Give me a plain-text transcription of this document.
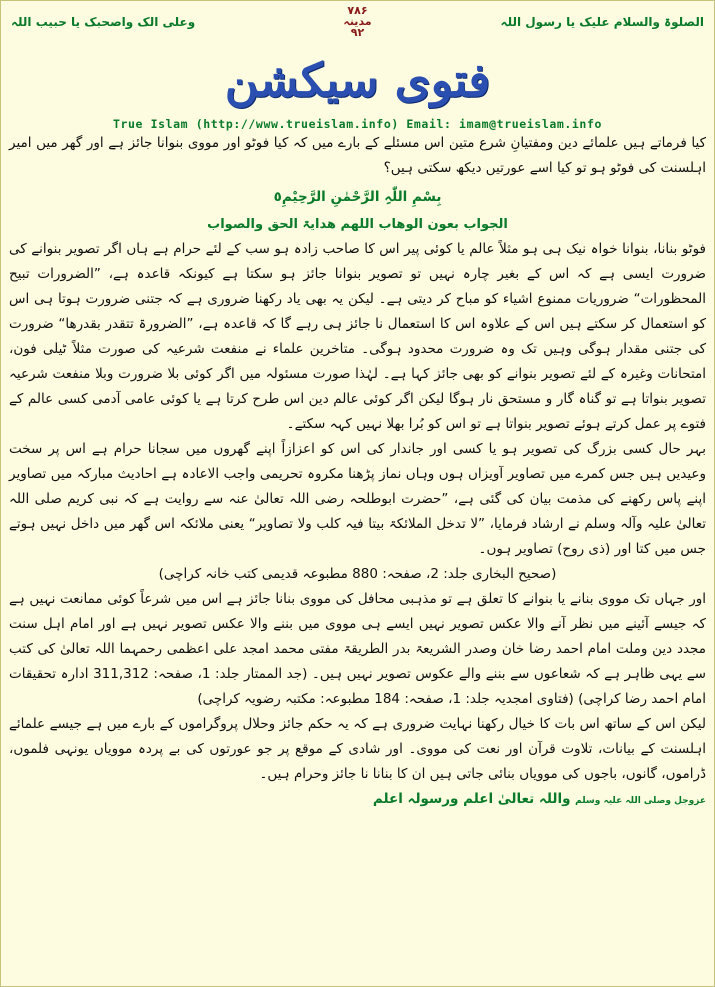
الصلوۃ والسلام علیک یا رسول اللہ
۷۸۶
مدینہ
۹۲
وعلی الک واصحبک یا حبیب اللہ
فتوی سیکشن
True Islam (http://www.trueislam.info) Email: imam@trueislam.info

کیا فرماتے ہیں علمائے دین ومفتیانِ شرع متین اس مسئلے کے بارے میں کہ کیا فوٹو اور مووی بنوانا جائز ہے اور گھر میں امیر اہلسنت کی فوٹو ہو تو کیا اسے عورتیں دیکھ سکتی ہیں؟

بِسْمِ اللّٰہِ الرَّحْمٰنِ الرَّحِیْمِ٥

الجواب بعون الوھاب اللھم ھدایۃ الحق والصواب

فوٹو بنانا، بنوانا خواہ نیک ہی ہو مثلاً عالم یا کوئی پیر اس کا صاحب زادہ ہو سب کے لئے حرام ہے ہاں اگر تصویر بنوانے کی ضرورت ایسی ہے کہ اس کے بغیر چارہ نہیں تو تصویر بنوانا جائز ہو سکتا ہے کیونکہ قاعدہ ہے، ”الضرورات تبیح المحظورات“ ضروریات ممنوع اشیاء کو مباح کر دیتی ہے۔ لیکن یہ بھی یاد رکھنا ضروری ہے کہ جتنی ضرورت ہوتا ہی اس کو استعمال کر سکتے ہیں اس کے علاوہ اس کا استعمال نا جائز ہی رہے گا کہ قاعدہ ہے، ”الضرورۃ تتقدر بقدرھا“ ضرورت کی جتنی مقدار ہوگی وہیں تک وہ ضرورت محدود ہوگی۔ متاخرین علماء نے منفعت شرعیہ کی صورت مثلاً ٹیلی فون، امتحانات وغیرہ کے لئے تصویر بنوانے کو بھی جائز کہا ہے۔ لہٰذا صورت مسئولہ میں اگر کوئی بلا ضرورت وبلا منفعت شرعیہ تصویر بنواتا ہے تو گناہ گار و مستحق نار ہوگا لیکن اگر کوئی عالم دین اس طرح کرتا ہے یا کوئی عامی آدمی کسی عالم کے فتوے پر عمل کرتے ہوئے تصویر بنواتا ہے تو اس کو بُرا بھلا نہیں کہہ سکتے۔

بہر حال کسی بزرگ کی تصویر ہو یا کسی اور جاندار کی اس کو اعزازاً اپنے گھروں میں سجانا حرام ہے اس پر سخت وعیدیں ہیں جس کمرے میں تصاویر آویزاں ہوں وہاں نماز پڑھنا مکروہ تحریمی واجب الاعادہ ہے احادیث مبارکہ میں تصاویر اپنے پاس رکھنے کی مذمت بیان کی گئی ہے، ”حضرت ابوطلحہ رضی اللہ تعالیٰ عنہ سے روایت ہے کہ نبی کریم صلی اللہ تعالیٰ علیہ وآلہ وسلم نے ارشاد فرمایا، ”لا تدخل الملائکۃ بیتا فیہ کلب ولا تصاویر“ یعنی ملائکہ اس گھر میں داخل نہیں ہوتے جس میں کتا اور (ذی روح) تصاویر ہوں۔

(صحیح البخاری جلد: 2، صفحہ: 880 مطبوعہ قدیمی کتب خانہ کراچی)

اور جہاں تک مووی بنانے یا بنوانے کا تعلق ہے تو مذہبی محافل کی مووی بنانا جائز ہے اس میں شرعاً کوئی ممانعت نہیں ہے کہ جیسے آئینے میں نظر آنے والا عکس تصویر نہیں ایسے ہی مووی میں بننے والا عکس تصویر نہیں ہے اور امام اہل سنت مجدد دین وملت امام احمد رضا خان وصدر الشریعۃ بدر الطریقۃ مفتی محمد امجد علی اعظمی رحمہما اللہ تعالیٰ کی کتب سے یہی ظاہر ہے کہ شعاعوں سے بننے والے عکوس تصویر نہیں ہیں۔ (جد الممتار جلد: 1، صفحہ: 311,312 ادارہ تحقیقات امام احمد رضا کراچی) (فتاوی امجدیہ جلد: 1، صفحہ: 184 مطبوعہ: مکتبہ رضویہ کراچی)

لیکن اس کے ساتھ اس بات کا خیال رکھنا نہایت ضروری ہے کہ یہ حکم جائز وحلال پروگراموں کے بارے میں ہے جیسے علمائے اہلسنت کے بیانات، تلاوت قرآن اور نعت کی مووی۔ اور شادی کے موقع پر جو عورتوں کی بے پردہ موویاں یونہی فلموں، ڈراموں، گانوں، باجوں کی موویاں بنائی جاتی ہیں ان کا بنانا نا جائز وحرام ہیں۔

عزوجل وصلی اللہ علیہ وسلم واللہ تعالیٰ اعلم ورسولہ اعلم
